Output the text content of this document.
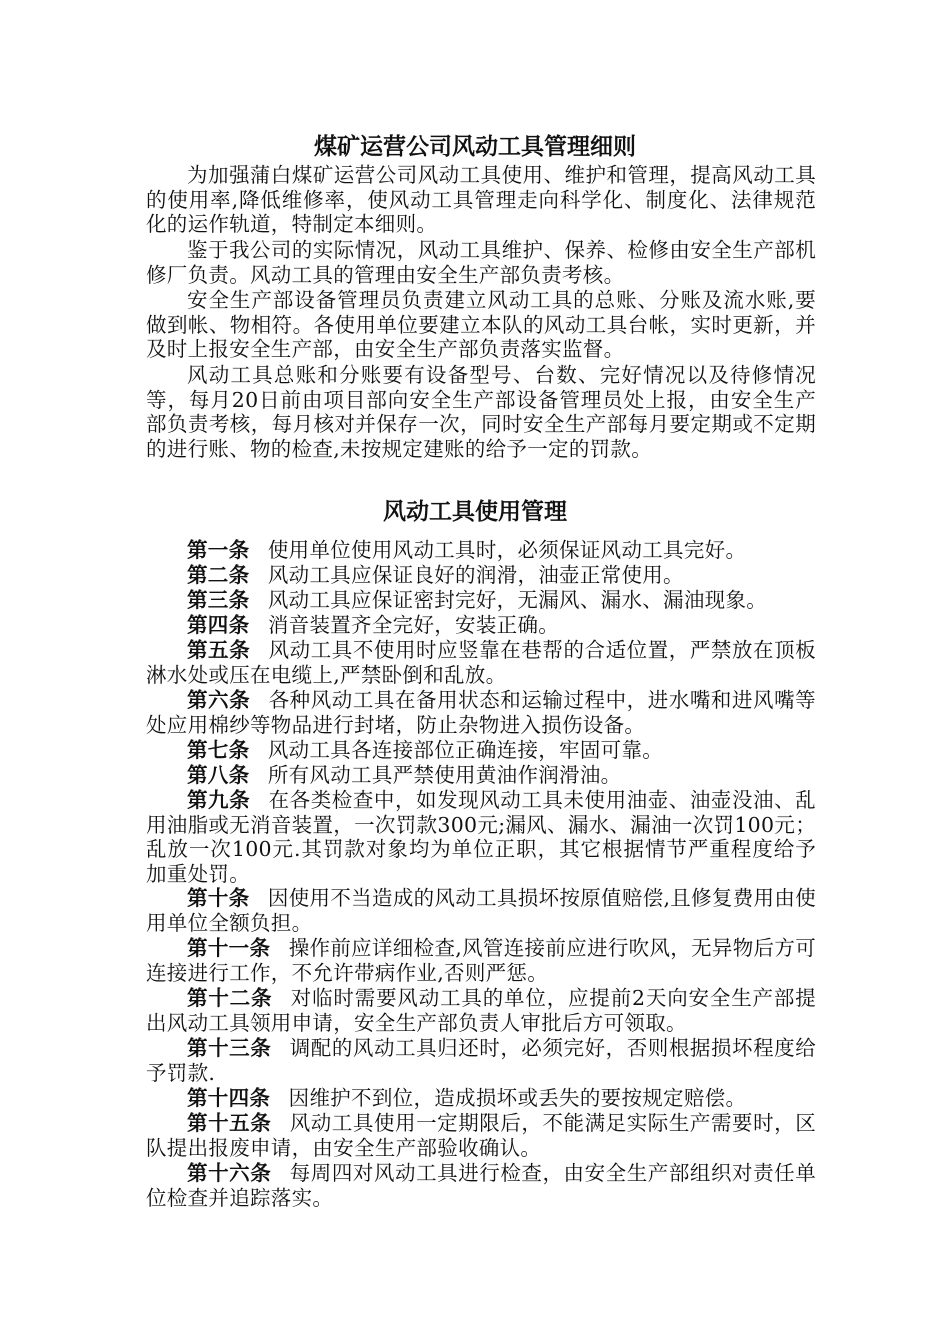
煤矿运营公司风动工具管理细则

为加强蒲白煤矿运营公司风动工具使用、维护和管理，提高风动工具的使用率,降低维修率，使风动工具管理走向科学化、制度化、法律规范化的运作轨道，特制定本细则。

鉴于我公司的实际情况，风动工具维护、保养、检修由安全生产部机修厂负责。风动工具的管理由安全生产部负责考核。

安全生产部设备管理员负责建立风动工具的总账、分账及流水账,要做到帐、物相符。各使用单位要建立本队的风动工具台帐，实时更新，并及时上报安全生产部，由安全生产部负责落实监督。

风动工具总账和分账要有设备型号、台数、完好情况以及待修情况等，每月20日前由项目部向安全生产部设备管理员处上报，由安全生产部负责考核，每月核对并保存一次，同时安全生产部每月要定期或不定期的进行账、物的检查,未按规定建账的给予一定的罚款。

风动工具使用管理

第一条 使用单位使用风动工具时，必须保证风动工具完好。

第二条 风动工具应保证良好的润滑，油壶正常使用。

第三条 风动工具应保证密封完好，无漏风、漏水、漏油现象。

第四条 消音装置齐全完好，安装正确。

第五条 风动工具不使用时应竖靠在巷帮的合适位置，严禁放在顶板淋水处或压在电缆上,严禁卧倒和乱放。

第六条 各种风动工具在备用状态和运输过程中，进水嘴和进风嘴等处应用棉纱等物品进行封堵，防止杂物进入损伤设备。

第七条 风动工具各连接部位正确连接，牢固可靠。

第八条 所有风动工具严禁使用黄油作润滑油。

第九条 在各类检查中，如发现风动工具未使用油壶、油壶没油、乱用油脂或无消音装置，一次罚款300元;漏风、漏水、漏油一次罚100元；乱放一次100元.其罚款对象均为单位正职，其它根据情节严重程度给予加重处罚。

第十条 因使用不当造成的风动工具损坏按原值赔偿,且修复费用由使用单位全额负担。

第十一条 操作前应详细检查,风管连接前应进行吹风，无异物后方可连接进行工作，不允许带病作业,否则严惩。

第十二条 对临时需要风动工具的单位，应提前2天向安全生产部提出风动工具领用申请，安全生产部负责人审批后方可领取。

第十三条 调配的风动工具归还时，必须完好，否则根据损坏程度给予罚款.

第十四条 因维护不到位，造成损坏或丢失的要按规定赔偿。

第十五条 风动工具使用一定期限后，不能满足实际生产需要时，区队提出报废申请，由安全生产部验收确认。

第十六条 每周四对风动工具进行检查，由安全生产部组织对责任单位检查并追踪落实。
